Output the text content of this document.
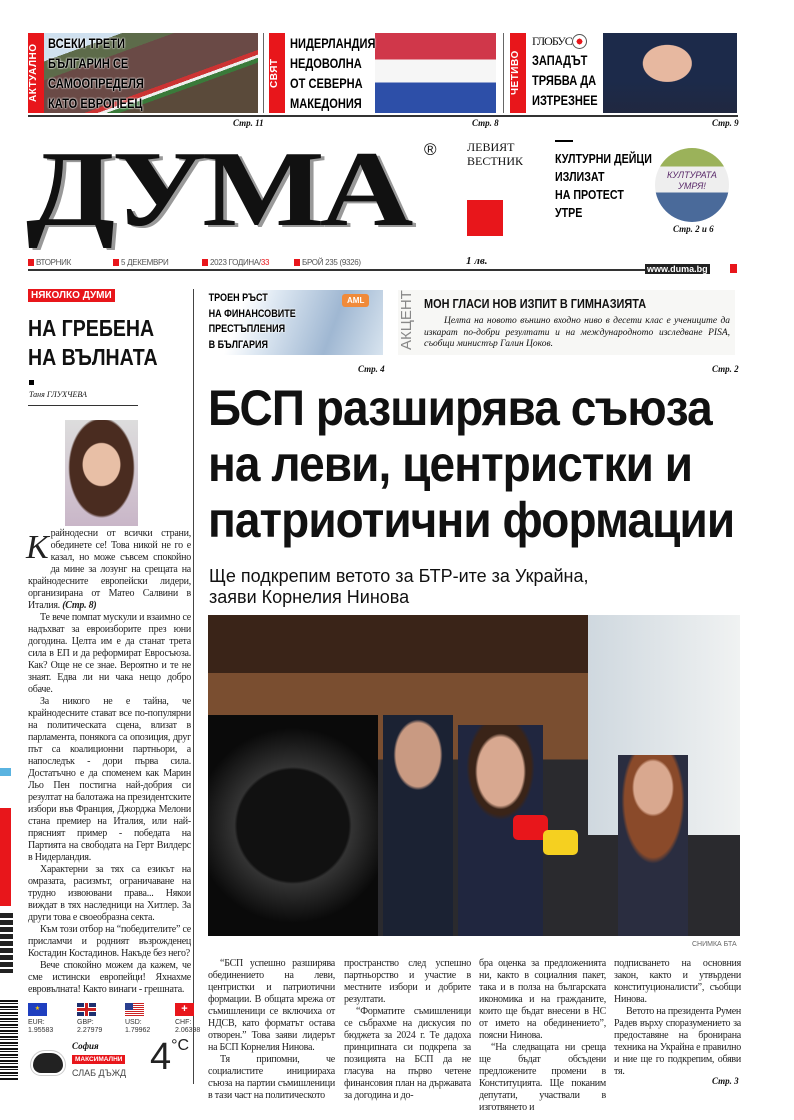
АКТУАЛНО
ВСЕКИ ТРЕТИ
БЪЛГАРИН СЕ
САМООПРЕДЕЛЯ
КАТО ЕВРОПЕЕЦ
СВЯТ
НИДЕРЛАНДИЯ
НЕДОВОЛНА
ОТ СЕВЕРНА
МАКЕДОНИЯ
ЧЕТИВО
ГЛОБУС
ЗАПАДЪТ
ТРЯБВА ДА
ИЗТРЕЗНЕЕ
Стр. 11	Стр. 8	Стр. 9
ДУМА ®	ЛЕВИЯТ
ВЕСТНИК КУЛТУРНИ ДЕЙЦИ
ИЗЛИЗАТ
НА ПРОТЕСТ
УТРЕ
КУЛТУРАТА УМРЯ!
Стр. 2 и 6
ВТОРНИК	5 ДЕКЕМВРИ	2023 ГОДИНА/33	БРОЙ 235 (9326)	1 лв.
www.duma.bg
НЯКОЛКО ДУМИ
НА ГРЕБЕНА
НА ВЪЛНАТА
Таня ГЛУХЧЕВА

Крайнодесни от всички страни, обединете се! Това никой не го е казал, но може съвсем спокойно да мине за лозунг на срещата на крайнодесните европейски лидери, организирана от Матео Салвини в Италия. (Стр. 8)

Те вече помпат мускули и взаимно се надъхват за евроизборите през юни догодина. Целта им е да станат трета сила в ЕП и да реформират Евросъюза. Как? Още не се знае. Вероятно и те не знаят. Едва ли ни чака нещо добро обаче.

За никого не е тайна, че крайнодесните стават все по-популярни на политическата сцена, влизат в парламента, понякога са опозиция, друг път са коалиционни партньори, а напоследък - дори първа сила. Достатъчно е да споменем как Марин Льо Пен постигна най-добрия си резултат на балотажа на президентските избори във Франция, Джорджа Мелони стана премиер на Италия, или най-прясният пример - победата на Партията на свободата на Герт Вилдерс в Нидерландия.

Характерни за тях са езикът на омразата, расизмът, ограничаване на трудно извоювани права... Някои виждат в тях наследници на Хитлер. За други това е своеобразна секта.

Към този отбор на “победителите” се присламчи и родният възрожденец Костадин Костадинов. Накъде без него?

Вече спокойно можем да кажем, че сме истински европейци! Яхнахме евровълната! Както винаги - грешната.

★
EUR:
1.95583
GBP:
2.27979
USD:
1.79962
+
CHF:
2.06398
София
МАКСИМАЛНИ
СЛАБ ДЪЖД $4^{^\circ C}$
AML
ТРОЕН РЪСТ
НА ФИНАНСОВИТЕ
ПРЕСТЪПЛЕНИЯ
В БЪЛГАРИЯ
Стр. 4
АКЦЕНТ МОН ГЛАСИ НОВ ИЗПИТ В ГИМНАЗИЯТА
Целта на новото външно входно ниво в десети клас е учениците да изкарат по-добри резултати и на международното изследване PISA, съобщи министър Галин Цоков.
Стр. 2
БСП разширява съюза
на леви, центристки и
патриотични формации
Ще подкрепим ветото за БТР-ите за Украйна,
заяви Корнелия Нинова
СНИМКА БТА

“БСП успешно разширява обединението на леви, центристки и патриотични формации. В общата мрежа от съмишленици се включиха от НДСВ, като форматът остава отворен.” Това заяви лидерът на БСП Корнелия Нинова.

Тя припомни, че социалистите инициираха съюза на партии съмишленици в тази част на политическото

пространство след успешно партньорство и участие в местните избори и добрите резултати.

“Форматите съмишленици се събрахме на дискусия по бюджета за 2024 г. Те дадоха принципната си подкрепа за позицията на БСП да не гласува на първо четене финансовия план на държавата за догодина и до-

бра оценка за предложенията ни, както в социалния пакет, така и в полза на българската икономика и на гражданите, които ще бъдат внесени в НС от името на обединението”, поясни Нинова.

“На следващата ни среща ще бъдат обсъдени предложените промени в Конституцията. Ще поканим депутати, участвали в изготвянето и

подписването на основния закон, както и утвърдени конституционалисти”, съобщи Нинова.

Ветото на президента Румен Радев върху споразумението за предоставяне на бронирана техника на Украйна е правилно и ние ще го подкрепим, обяви тя.

Стр. 3
